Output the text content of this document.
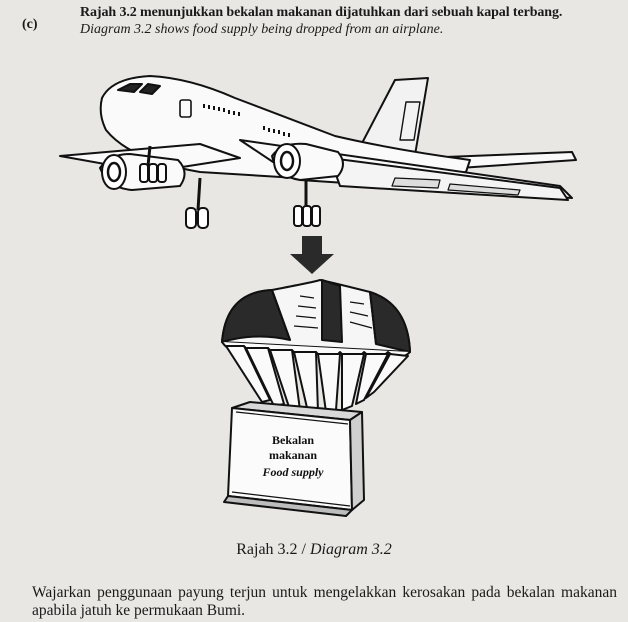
(c)
Rajah 3.2 menunjukkan bekalan makanan dijatuhkan dari sebuah kapal terbang.
Diagram 3.2 shows food supply being dropped from an airplane.
Bekalan
makanan
Food supply
Rajah 3.2 / Diagram 3.2
Wajarkan penggunaan payung terjun untuk mengelakkan kerosakan pada bekalan makanan apabila jatuh ke permukaan Bumi.
